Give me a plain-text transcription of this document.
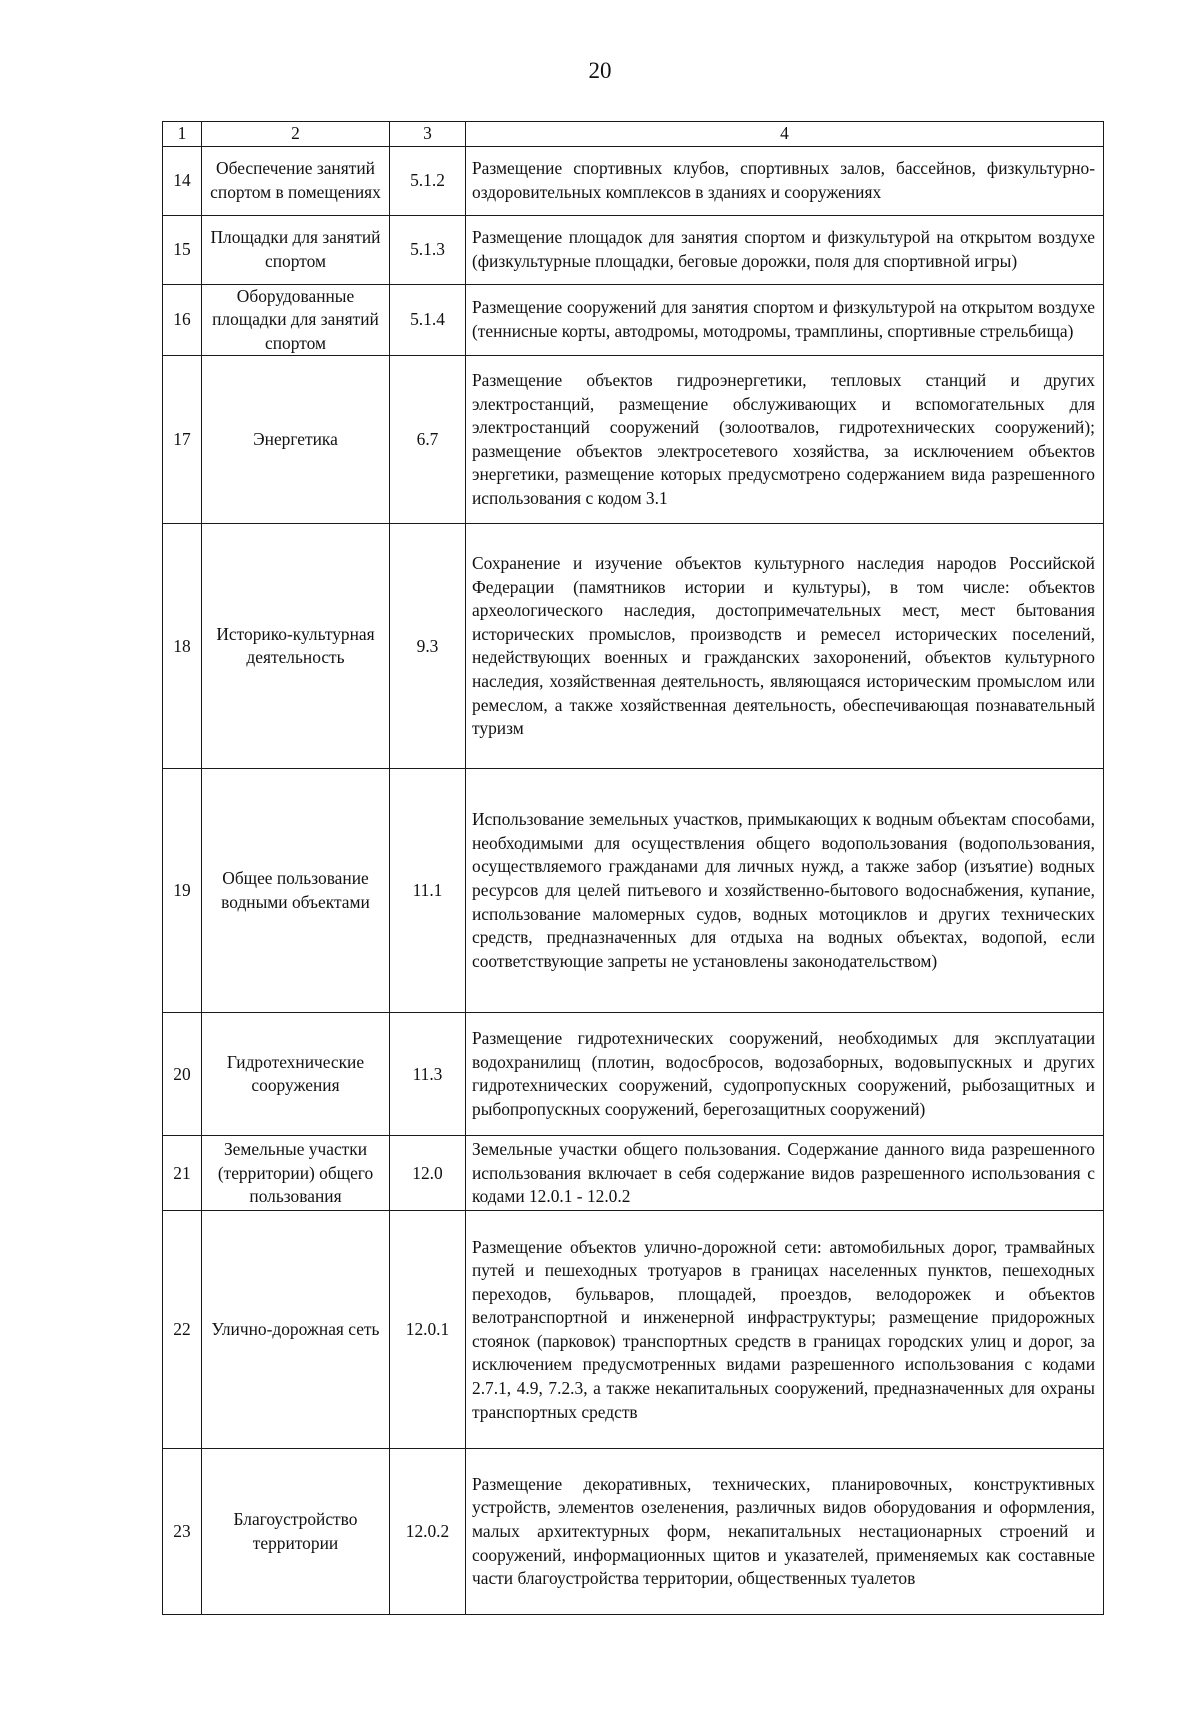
20
1	2	3	4
14	Обеспечение занятий спортом в помещениях	5.1.2	Размещение спортивных клубов, спортивных залов, бассейнов, физкультурно-оздоровительных комплексов в зданиях и сооружениях
15	Площадки для занятий спортом	5.1.3	Размещение площадок для занятия спортом и физкультурой на открытом воздухе (физкультурные площадки, беговые дорожки, поля для спортивной игры)
16	Оборудованные площадки для занятий спортом	5.1.4	Размещение сооружений для занятия спортом и физкультурой на открытом воздухе (теннисные корты, автодромы, мотодромы, трамплины, спортивные стрельбища)
17	Энергетика	6.7	Размещение объектов гидроэнергетики, тепловых станций и других электростанций, размещение обслуживающих и вспомогательных для электростанций сооружений (золоотвалов, гидротехнических сооружений); размещение объектов электросетевого хозяйства, за исключением объектов энергетики, размещение которых предусмотрено содержанием вида разрешенного использования с кодом 3.1
18	Историко-культурная деятельность	9.3	Сохранение и изучение объектов культурного наследия народов Российской Федерации (памятников истории и культуры), в том числе: объектов археологического наследия, достопримечательных мест, мест бытования исторических промыслов, производств и ремесел исторических поселений, недействующих военных и гражданских захоронений, объектов культурного наследия, хозяйственная деятельность, являющаяся историческим промыслом или ремеслом, а также хозяйственная деятельность, обеспечивающая познавательный туризм
19	Общее пользование водными объектами	11.1	Использование земельных участков, примыкающих к водным объектам способами, необходимыми для осуществления общего водопользования (водопользования, осуществляемого гражданами для личных нужд, а также забор (изъятие) водных ресурсов для целей питьевого и хозяйственно-бытового водоснабжения, купание, использование маломерных судов, водных мотоциклов и других технических средств, предназначенных для отдыха на водных объектах, водопой, если соответствующие запреты не установлены законодательством)
20	Гидротехнические сооружения	11.3	Размещение гидротехнических сооружений, необходимых для эксплуатации водохранилищ (плотин, водосбросов, водозаборных, водовыпускных и других гидротехнических сооружений, судопропускных сооружений, рыбозащитных и рыбопропускных сооружений, берегозащитных сооружений)
21	Земельные участки (территории) общего пользования	12.0	Земельные участки общего пользования. Содержание данного вида разрешенного использования включает в себя содержание видов разрешенного использования с кодами 12.0.1 - 12.0.2
22	Улично-дорожная сеть	12.0.1	Размещение объектов улично-дорожной сети: автомобильных дорог, трамвайных путей и пешеходных тротуаров в границах населенных пунктов, пешеходных переходов, бульваров, площадей, проездов, велодорожек и объектов велотранспортной и инженерной инфраструктуры; размещение придорожных стоянок (парковок) транспортных средств в границах городских улиц и дорог, за исключением предусмотренных видами разрешенного использования с кодами 2.7.1, 4.9, 7.2.3, а также некапитальных сооружений, предназначенных для охраны транспортных средств
23	Благоустройство территории	12.0.2	Размещение декоративных, технических, планировочных, конструктивных устройств, элементов озеленения, различных видов оборудования и оформления, малых архитектурных форм, некапитальных нестационарных строений и сооружений, информационных щитов и указателей, применяемых как составные части благоустройства территории, общественных туалетов
